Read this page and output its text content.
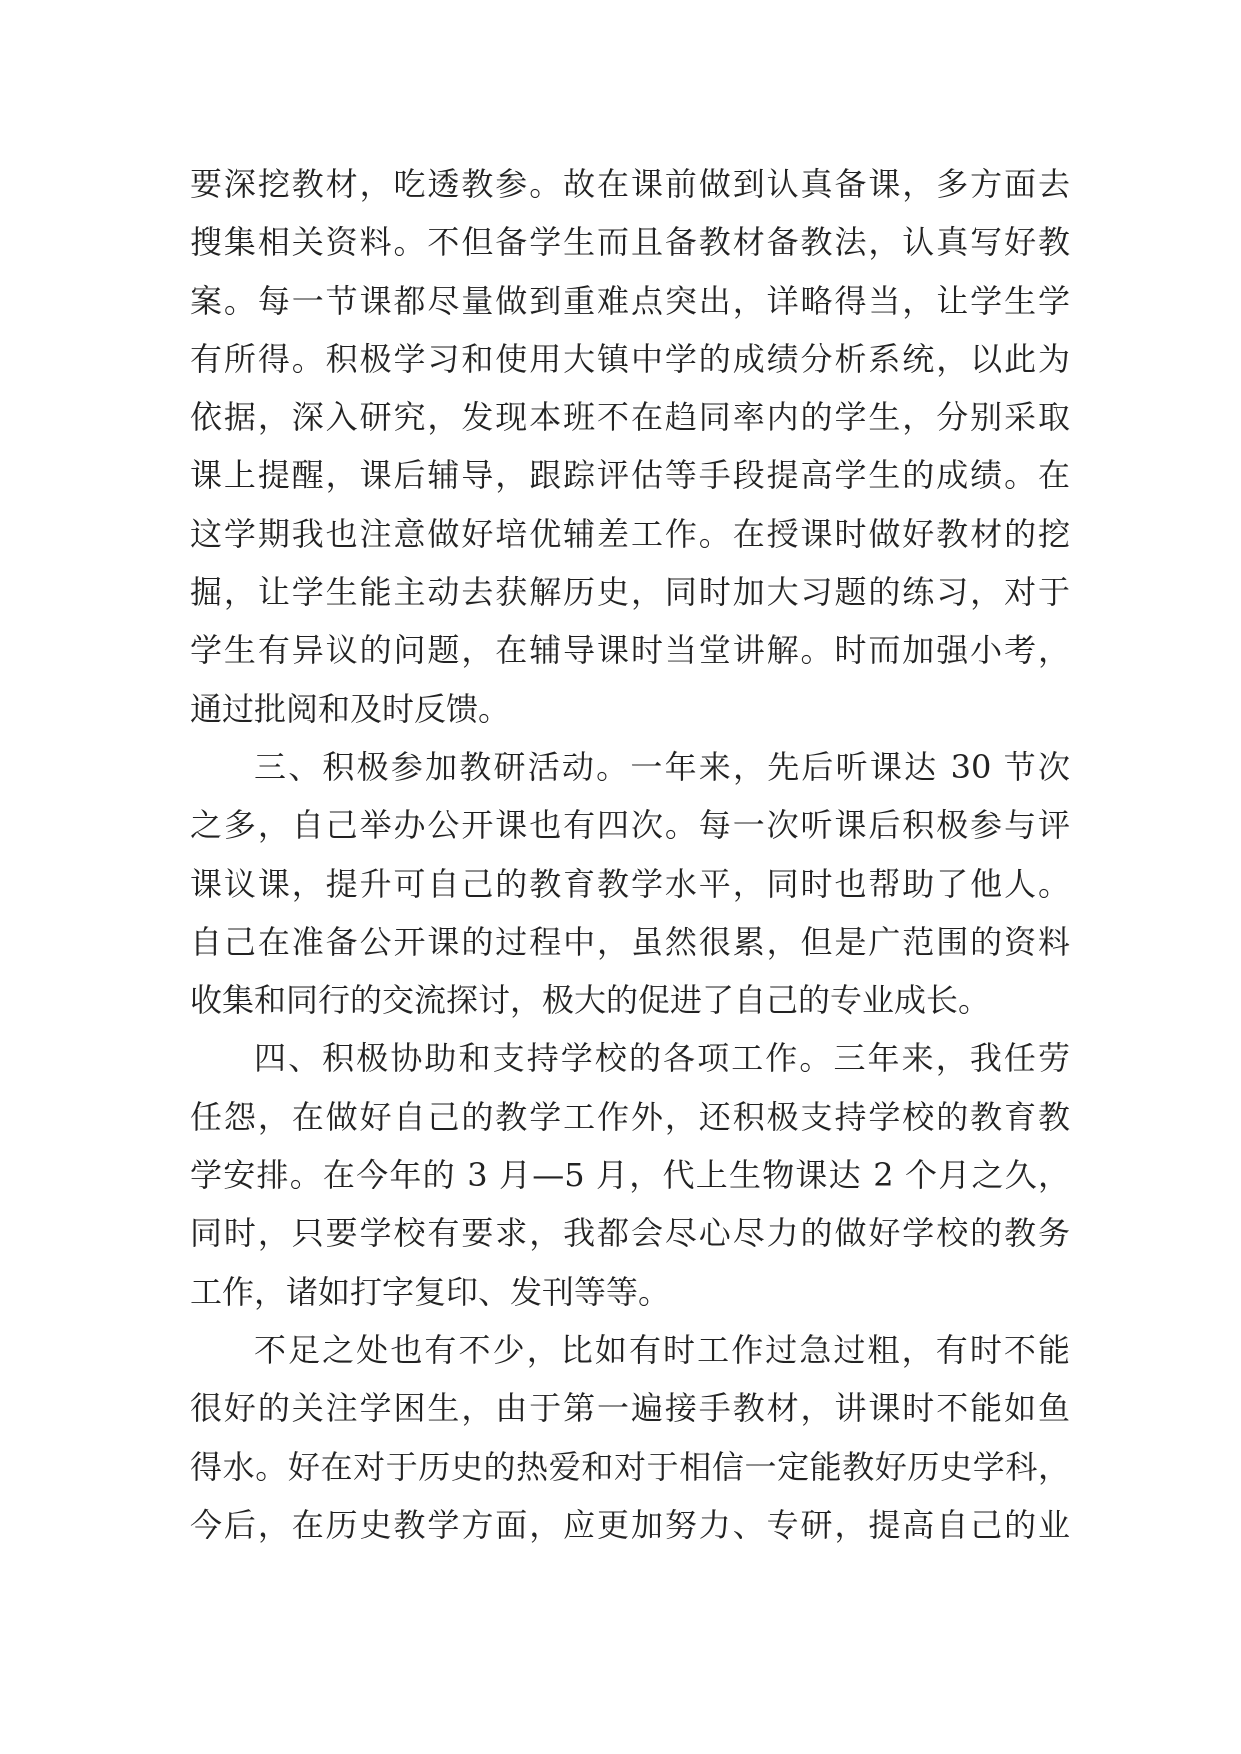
要深挖教材，吃透教参。故在课前做到认真备课，多方面去
搜集相关资料。不但备学生而且备教材备教法，认真写好教
案。每一节课都尽量做到重难点突出，详略得当，让学生学
有所得。积极学习和使用大镇中学的成绩分析系统，以此为
依据，深入研究，发现本班不在趋同率内的学生，分别采取
课上提醒，课后辅导，跟踪评估等手段提高学生的成绩。在
这学期我也注意做好培优辅差工作。在授课时做好教材的挖
掘，让学生能主动去获解历史，同时加大习题的练习，对于
学生有异议的问题，在辅导课时当堂讲解。时而加强小考，
通过批阅和及时反馈。
三、积极参加教研活动。一年来，先后听课达 30 节次
之多，自己举办公开课也有四次。每一次听课后积极参与评
课议课，提升可自己的教育教学水平，同时也帮助了他人。
自己在准备公开课的过程中，虽然很累，但是广范围的资料
收集和同行的交流探讨，极大的促进了自己的专业成长。
四、积极协助和支持学校的各项工作。三年来，我任劳
任怨，在做好自己的教学工作外，还积极支持学校的教育教
学安排。在今年的 3 月—5 月，代上生物课达 2 个月之久，
同时，只要学校有要求，我都会尽心尽力的做好学校的教务
工作，诸如打字复印、发刊等等。
不足之处也有不少，比如有时工作过急过粗，有时不能
很好的关注学困生，由于第一遍接手教材，讲课时不能如鱼
得水。好在对于历史的热爱和对于相信一定能教好历史学科，
今后，在历史教学方面，应更加努力、专研，提高自己的业
